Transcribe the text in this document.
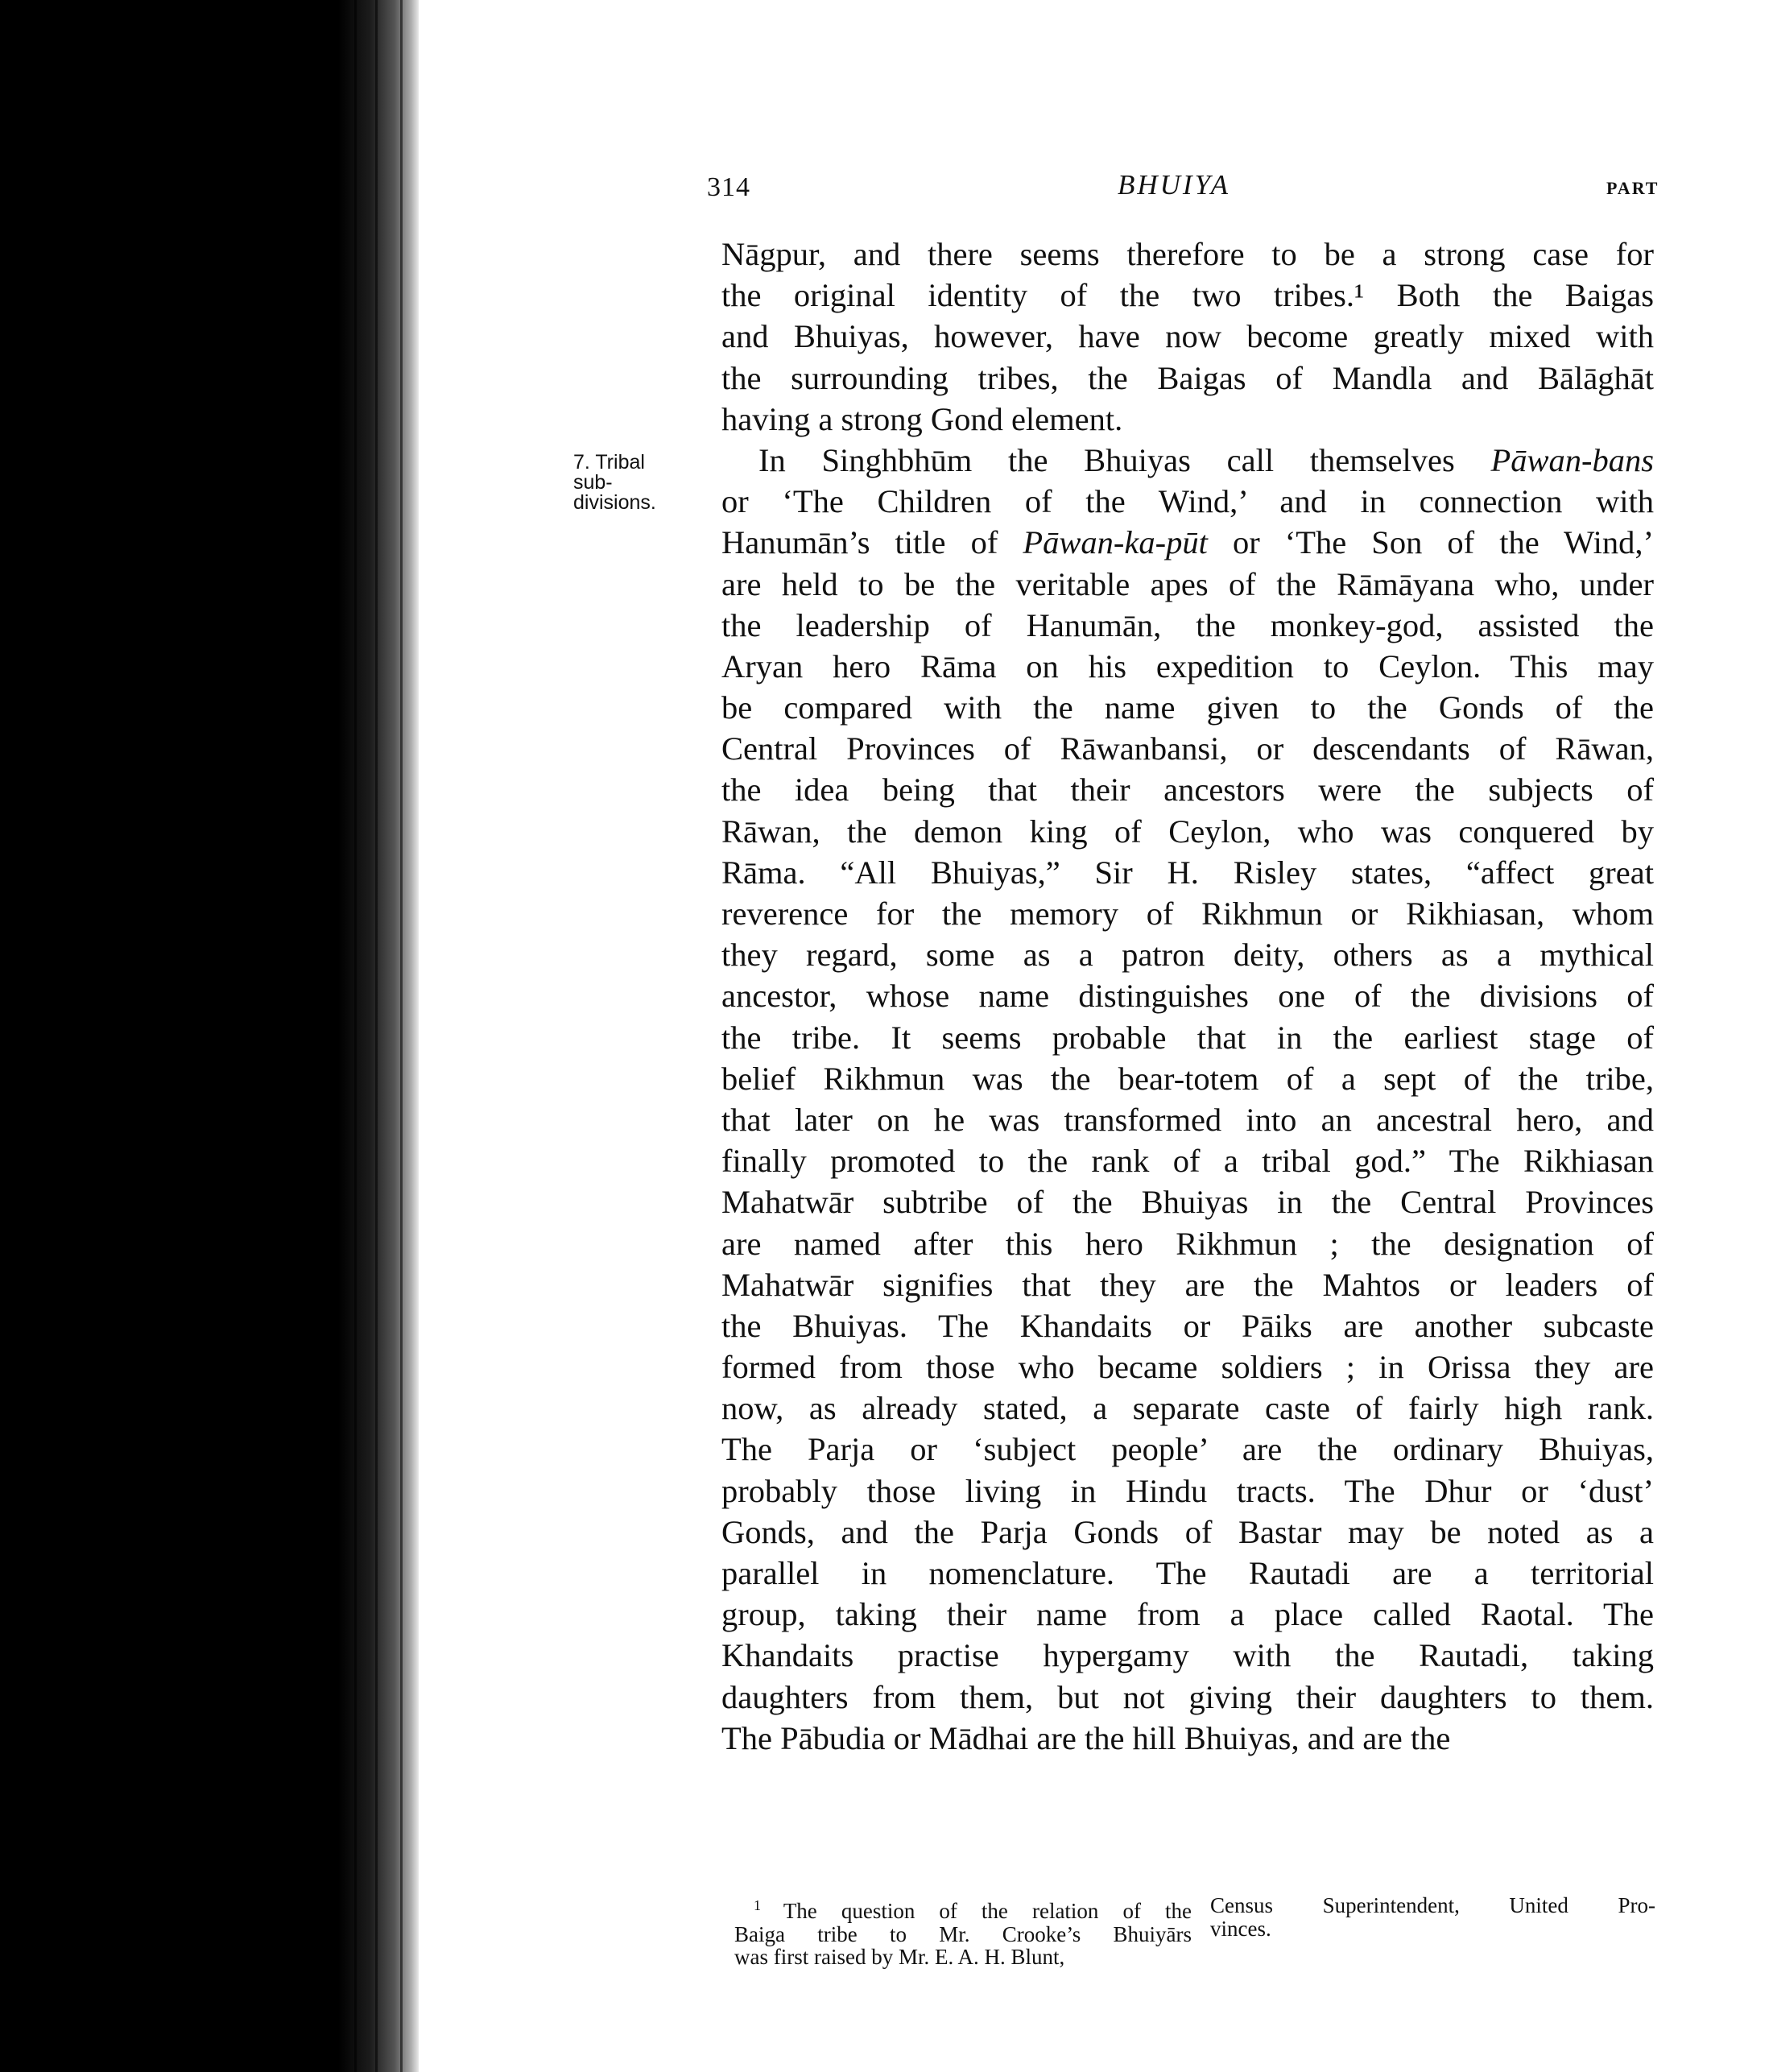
314	BHUIYA	PART
7. Tribal
sub-
divisions.
Nāgpur, and there seems therefore to be a strong case for
the original identity of the two tribes.¹ Both the Baigas
and Bhuiyas, however, have now become greatly mixed with
the surrounding tribes, the Baigas of Mandla and Bālāghāt
having a strong Gond element.
In Singhbhūm the Bhuiyas call themselves Pāwan-bans
or ‘The Children of the Wind,’ and in connection with
Hanumān’s title of Pāwan-ka-pūt or ‘The Son of the Wind,’
are held to be the veritable apes of the Rāmāyana who, under
the leadership of Hanumān, the monkey-god, assisted the
Aryan hero Rāma on his expedition to Ceylon. This may
be compared with the name given to the Gonds of the
Central Provinces of Rāwanbansi, or descendants of Rāwan,
the idea being that their ancestors were the subjects of
Rāwan, the demon king of Ceylon, who was conquered by
Rāma. “All Bhuiyas,” Sir H. Risley states, “affect great
reverence for the memory of Rikhmun or Rikhiasan, whom
they regard, some as a patron deity, others as a mythical
ancestor, whose name distinguishes one of the divisions of
the tribe. It seems probable that in the earliest stage of
belief Rikhmun was the bear-totem of a sept of the tribe,
that later on he was transformed into an ancestral hero, and
finally promoted to the rank of a tribal god.” The Rikhiasan
Mahatwār subtribe of the Bhuiyas in the Central Provinces
are named after this hero Rikhmun ; the designation of
Mahatwār signifies that they are the Mahtos or leaders of
the Bhuiyas. The Khandaits or Pāiks are another subcaste
formed from those who became soldiers ; in Orissa they are
now, as already stated, a separate caste of fairly high rank.
The Parja or ‘subject people’ are the ordinary Bhuiyas,
probably those living in Hindu tracts. The Dhur or ‘dust’
Gonds, and the Parja Gonds of Bastar may be noted as a
parallel in nomenclature. The Rautadi are a territorial
group, taking their name from a place called Raotal. The
Khandaits practise hypergamy with the Rautadi, taking
daughters from them, but not giving their daughters to them.
The Pābudia or Mādhai are the hill Bhuiyas, and are the
$^1$ The question of the relation of the
Baiga tribe to Mr. Crooke’s Bhuiyārs
was first raised by Mr. E. A. H. Blunt,
Census Superintendent, United Pro-
vinces.
